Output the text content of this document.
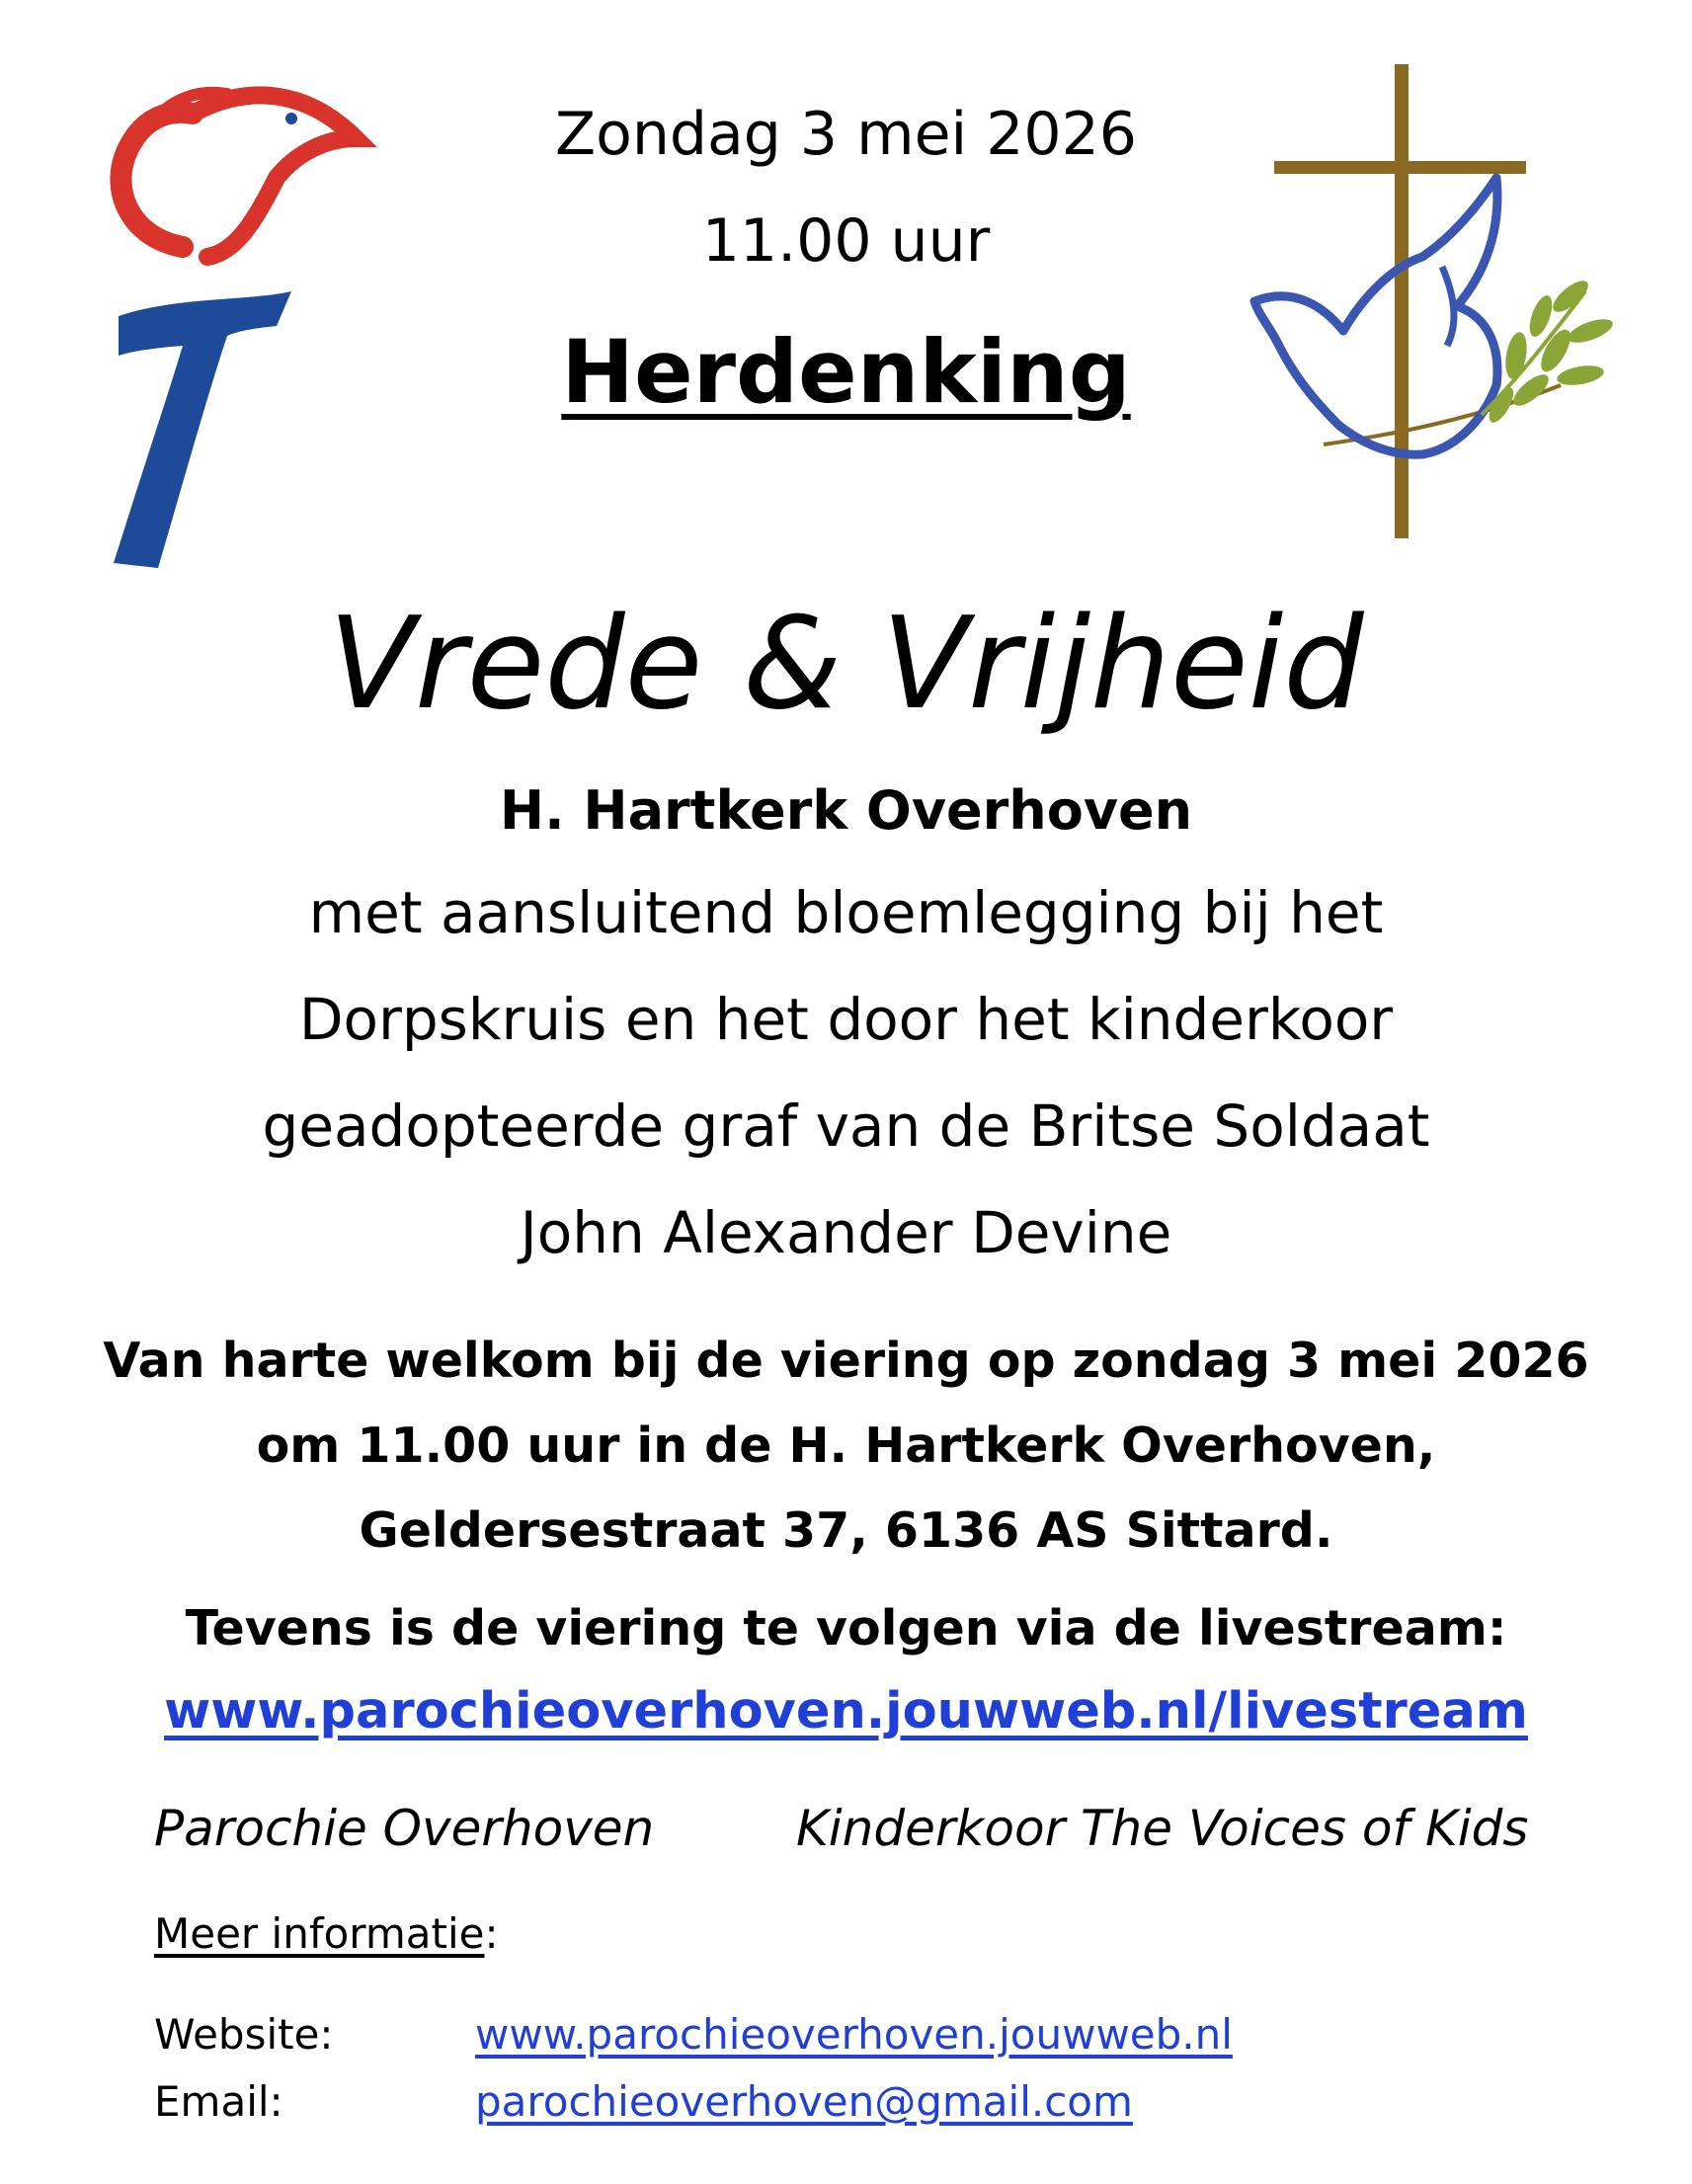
Zondag 3 mei 2026
11.00 uur
Herdenking
Vrede & Vrijheid
H. Hartkerk Overhoven
met aansluitend bloemlegging bij het
Dorpskruis en het door het kinderkoor
geadopteerde graf van de Britse Soldaat
John Alexander Devine
Van harte welkom bij de viering op zondag 3 mei 2026
om 11.00 uur in de H. Hartkerk Overhoven,
Geldersestraat 37, 6136 AS Sittard.
Tevens is de viering te volgen via de livestream:
www.parochieoverhoven.jouwweb.nl/livestream
Parochie Overhoven	Kinderkoor The Voices of Kids
Meer informatie:
Website:	www.parochieoverhoven.jouwweb.nl
Email:	parochieoverhoven@gmail.com
